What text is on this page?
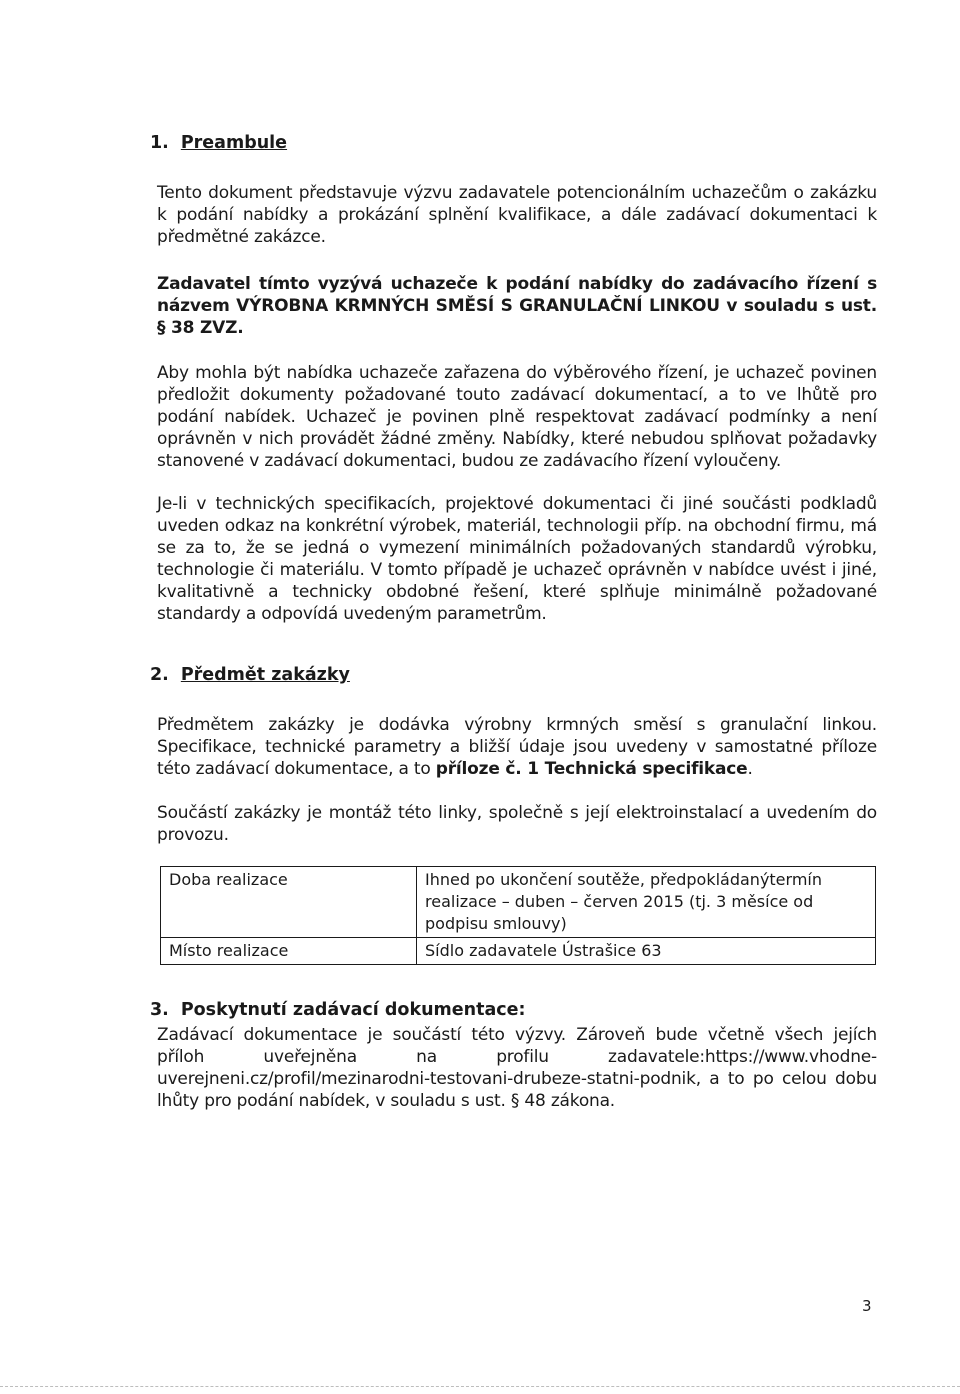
1. Preambule

Tento dokument představuje výzvu zadavatele potencionálním uchazečům o zakázku k podání nabídky a prokázání splnění kvalifikace, a dále zadávací dokumentaci k předmětné zakázce.

Zadavatel tímto vyzývá uchazeče k podání nabídky do zadávacího řízení s názvem VÝROBNA KRMNÝCH SMĚSÍ S GRANULAČNÍ LINKOU v souladu s ust. § 38 ZVZ.

Aby mohla být nabídka uchazeče zařazena do výběrového řízení, je uchazeč povinen předložit dokumenty požadované touto zadávací dokumentací, a to ve lhůtě pro podání nabídek. Uchazeč je povinen plně respektovat zadávací podmínky a není oprávněn v nich provádět žádné změny. Nabídky, které nebudou splňovat požadavky stanovené v zadávací dokumentaci, budou ze zadávacího řízení vyloučeny.

Je-li v technických specifikacích, projektové dokumentaci či jiné součásti podkladů uveden odkaz na konkrétní výrobek, materiál, technologii příp. na obchodní firmu, má se za to, že se jedná o vymezení minimálních požadovaných standardů výrobku, technologie či materiálu. V tomto případě je uchazeč oprávněn v nabídce uvést i jiné, kvalitativně a technicky obdobné řešení, které splňuje minimálně požadované standardy a odpovídá uvedeným parametrům.

2. Předmět zakázky

Předmětem zakázky je dodávka výrobny krmných směsí s granulační linkou. Specifikace, technické parametry a bližší údaje jsou uvedeny v samostatné příloze této zadávací dokumentace, a to příloze č. 1 Technická specifikace.

Součástí zakázky je montáž této linky, společně s její elektroinstalací a uvedením do provozu.

Doba realizace	Ihned po ukončení soutěže, předpokládanýtermín realizace – duben – červen 2015 (tj. 3 měsíce od podpisu smlouvy)
Místo realizace	Sídlo zadavatele Ústrašice 63
3. Poskytnutí zadávací dokumentace:

Zadávací dokumentace je součástí této výzvy. Zároveň bude včetně všech jejích příloh uveřejněna na profilu zadavatele:https://www.vhodne-uverejneni.cz/profil/mezinarodni-testovani-drubeze-statni-podnik, a to po celou dobu lhůty pro podání nabídek, v souladu s ust. § 48 zákona.

3
